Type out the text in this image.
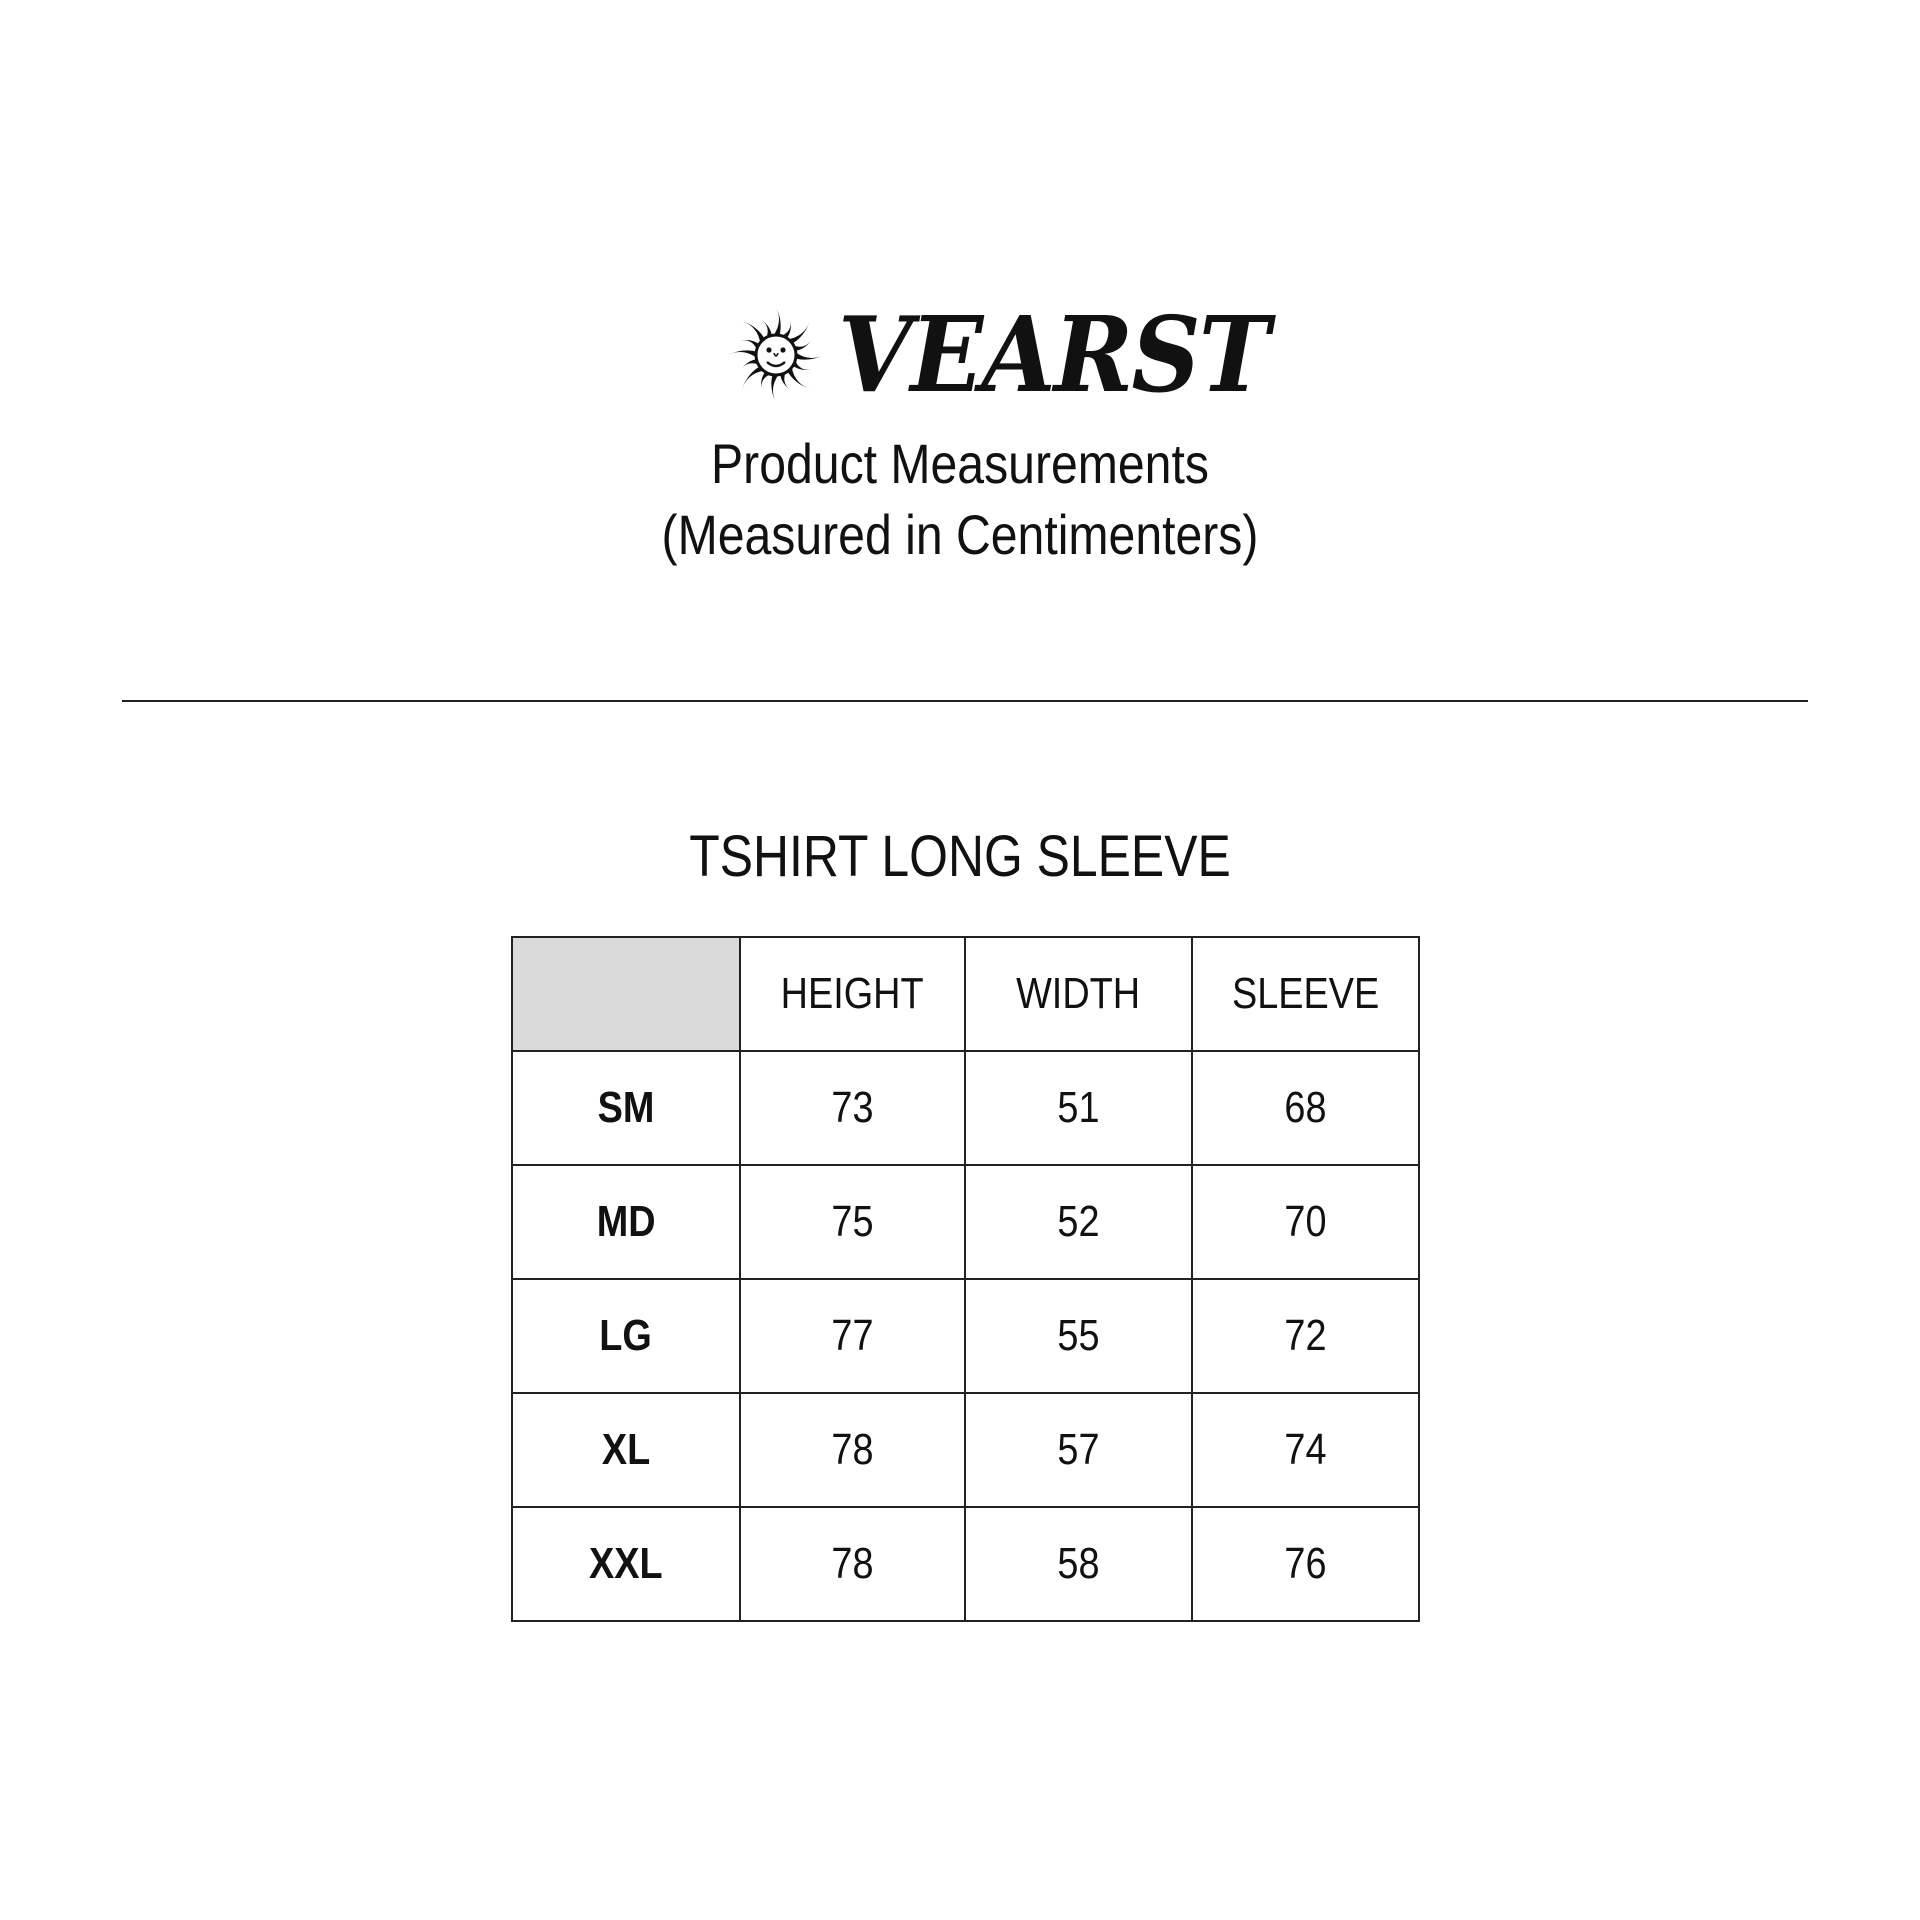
VEARST
Product Measurements
(Measured in Centimenters)
TSHIRT LONG SLEEVE
	HEIGHT	WIDTH	SLEEVE
SM	73	51	68
MD	75	52	70
LG	77	55	72
XL	78	57	74
XXL	78	58	76
